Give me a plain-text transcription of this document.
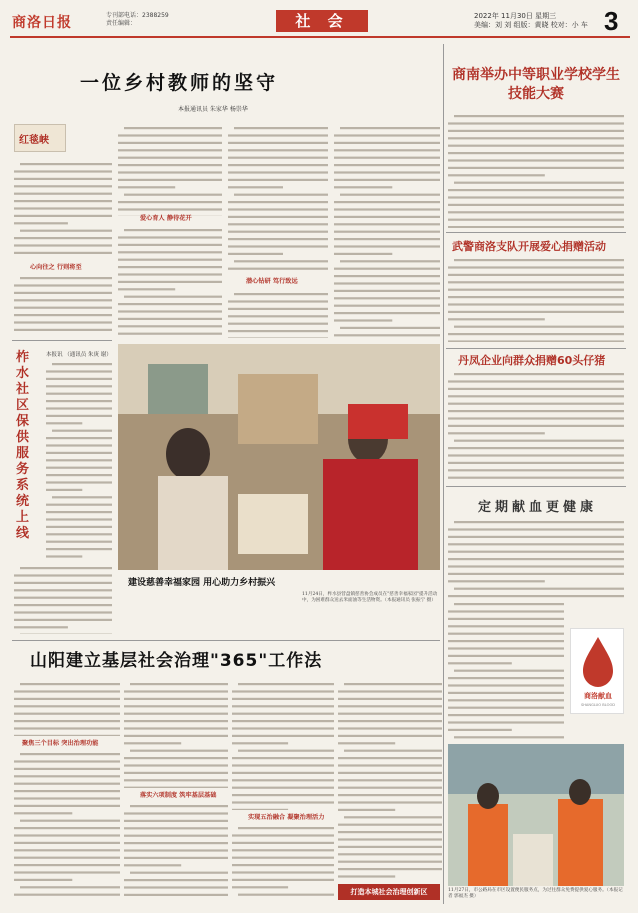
商洛日报	专刊部电话：2388259
责任编辑：	社 会	2022年 11月30日 星期三
美编：刘 刘 组版：黄晓 校对：小 车 3
一位乡村教师的坚守
本报通讯员 朱家华 杨崇华
红毯峡
心向往之 行则将至
爱心育人 静待花开
潜心钻研 笃行致远
柞水社区保供服务系统上线
本报讯 （通讯员 朱庚 谢）
建设慈善幸福家园 用心助力乡村振兴
11月24日，柞水县营盘镇慈善协会成员在"慈善幸福家园"提升活动中，为困难群众送去米面油等生活物资。（本报通讯员 张振宁 摄）
商南举办中等职业学校学生技能大赛
武警商洛支队开展爱心捐赠活动
丹凤企业向群众捐赠60头仔猪
定期献血更健康
商洛献血
SHANGLUO BLOOD
11月27日，市公路局在市区设置便民服务点，为过往群众免费提供爱心服务。（本报记者 郭福杰 摄）
山阳建立基层社会治理"365"工作法
聚焦三个目标 突出治理功能
落实六项制度 筑牢基层基础
实现五治融合 凝聚治理活力
打造本城社会治理创新区
